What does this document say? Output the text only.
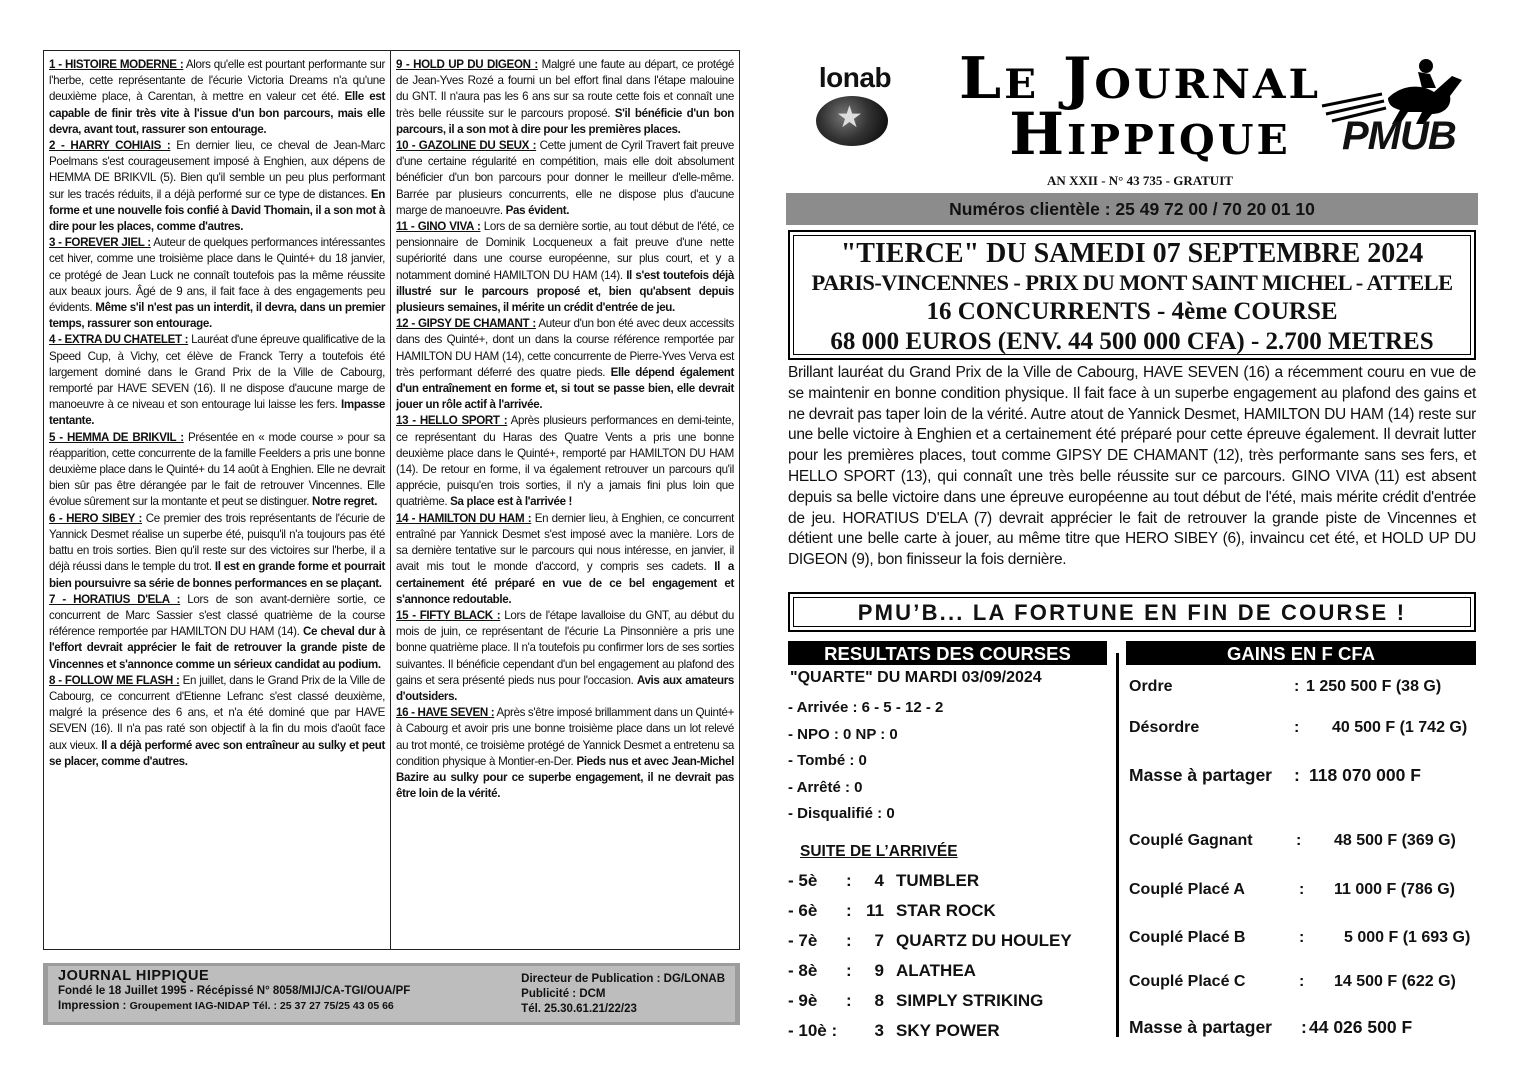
1 - HISTOIRE MODERNE : Alors qu'elle est pourtant performante sur l'herbe, cette représentante de l'écurie Victoria Dreams n'a qu'une deuxième place, à Carentan, à mettre en valeur cet été. Elle est capable de finir très vite à l'issue d'un bon parcours, mais elle devra, avant tout, rassurer son entourage.

2 - HARRY COHIAIS : En dernier lieu, ce cheval de Jean-Marc Poelmans s'est courageusement imposé à Enghien, aux dépens de HEMMA DE BRIKVIL (5). Bien qu'il semble un peu plus performant sur les tracés réduits, il a déjà performé sur ce type de distances. En forme et une nouvelle fois confié à David Thomain, il a son mot à dire pour les places, comme d'autres.

3 - FOREVER JIEL : Auteur de quelques performances intéressantes cet hiver, comme une troisième place dans le Quinté+ du 18 janvier, ce protégé de Jean Luck ne connaît toutefois pas la même réussite aux beaux jours. Âgé de 9 ans, il fait face à des engagements peu évidents. Même s'il n'est pas un interdit, il devra, dans un premier temps, rassurer son entourage.

4 - EXTRA DU CHATELET : Lauréat d'une épreuve qualificative de la Speed Cup, à Vichy, cet élève de Franck Terry a toutefois été largement dominé dans le Grand Prix de la Ville de Cabourg, remporté par HAVE SEVEN (16). Il ne dispose d'aucune marge de manoeuvre à ce niveau et son entourage lui laisse les fers. Impasse tentante.

5 - HEMMA DE BRIKVIL : Présentée en « mode course » pour sa réapparition, cette concurrente de la famille Feelders a pris une bonne deuxième place dans le Quinté+ du 14 août à Enghien. Elle ne devrait bien sûr pas être dérangée par le fait de retrouver Vincennes. Elle évolue sûrement sur la montante et peut se distinguer. Notre regret.

6 - HERO SIBEY : Ce premier des trois représentants de l'écurie de Yannick Desmet réalise un superbe été, puisqu'il n'a toujours pas été battu en trois sorties. Bien qu'il reste sur des victoires sur l'herbe, il a déjà réussi dans le temple du trot. Il est en grande forme et pourrait bien poursuivre sa série de bonnes performances en se plaçant.

7 - HORATIUS D'ELA : Lors de son avant-dernière sortie, ce concurrent de Marc Sassier s'est classé quatrième de la course référence remportée par HAMILTON DU HAM (14). Ce cheval dur à l'effort devrait apprécier le fait de retrouver la grande piste de Vincennes et s'annonce comme un sérieux candidat au podium.

8 - FOLLOW ME FLASH : En juillet, dans le Grand Prix de la Ville de Cabourg, ce concurrent d'Etienne Lefranc s'est classé deuxième, malgré la présence des 6 ans, et n'a été dominé que par HAVE SEVEN (16). Il n'a pas raté son objectif à la fin du mois d'août face aux vieux. Il a déjà performé avec son entraîneur au sulky et peut se placer, comme d'autres.

9 - HOLD UP DU DIGEON : Malgré une faute au départ, ce protégé de Jean-Yves Rozé a fourni un bel effort final dans l'étape malouine du GNT. Il n'aura pas les 6 ans sur sa route cette fois et connaît une très belle réussite sur le parcours proposé. S'il bénéficie d'un bon parcours, il a son mot à dire pour les premières places.

10 - GAZOLINE DU SEUX : Cette jument de Cyril Travert fait preuve d'une certaine régularité en compétition, mais elle doit absolument bénéficier d'un bon parcours pour donner le meilleur d'elle-même. Barrée par plusieurs concurrents, elle ne dispose plus d'aucune marge de manoeuvre. Pas évident.

11 - GINO VIVA : Lors de sa dernière sortie, au tout début de l'été, ce pensionnaire de Dominik Locqueneux a fait preuve d'une nette supériorité dans une course européenne, sur plus court, et y a notamment dominé HAMILTON DU HAM (14). Il s'est toutefois déjà illustré sur le parcours proposé et, bien qu'absent depuis plusieurs semaines, il mérite un crédit d'entrée de jeu.

12 - GIPSY DE CHAMANT : Auteur d'un bon été avec deux accessits dans des Quinté+, dont un dans la course référence remportée par HAMILTON DU HAM (14), cette concurrente de Pierre-Yves Verva est très performant déferré des quatre pieds. Elle dépend également d'un entraînement en forme et, si tout se passe bien, elle devrait jouer un rôle actif à l'arrivée.

13 - HELLO SPORT : Après plusieurs performances en demi-teinte, ce représentant du Haras des Quatre Vents a pris une bonne deuxième place dans le Quinté+, remporté par HAMILTON DU HAM (14). De retour en forme, il va également retrouver un parcours qu'il apprécie, puisqu'en trois sorties, il n'y a jamais fini plus loin que quatrième. Sa place est à l'arrivée !

14 - HAMILTON DU HAM : En dernier lieu, à Enghien, ce concurrent entraîné par Yannick Desmet s'est imposé avec la manière. Lors de sa dernière tentative sur le parcours qui nous intéresse, en janvier, il avait mis tout le monde d'accord, y compris ses cadets. Il a certainement été préparé en vue de ce bel engagement et s'annonce redoutable.

15 - FIFTY BLACK : Lors de l'étape lavalloise du GNT, au début du mois de juin, ce représentant de l'écurie La Pinsonnière a pris une bonne quatrième place. Il n'a toutefois pu confirmer lors de ses sorties suivantes. Il bénéficie cependant d'un bel engagement au plafond des gains et sera présenté pieds nus pour l'occasion. Avis aux amateurs d'outsiders.

16 - HAVE SEVEN : Après s'être imposé brillamment dans un Quinté+ à Cabourg et avoir pris une bonne troisième place dans un lot relevé au trot monté, ce troisième protégé de Yannick Desmet a entretenu sa condition physique à Montier-en-Der. Pieds nus et avec Jean-Michel Bazire au sulky pour ce superbe engagement, il ne devrait pas être loin de la vérité.

JOURNAL HIPPIQUE
Fondé le 18 Juillet 1995 - Récépissé N° 8058/MIJ/CA-TGI/OUA/PF
Impression : Groupement IAG-NIDAP Tél. : 25 37 27 75/25 43 05 66
Directeur de Publication : DG/LONAB
Publicité : DCM
Tél. 25.30.61.21/22/23
lonab
★
Le Journal
Hippique
AN XXII - N° 43 735 - GRATUIT
PMUB
Numéros clientèle : 25 49 72 00 / 70 20 01 10
"TIERCE" DU SAMEDI 07 SEPTEMBRE 2024
PARIS-VINCENNES - PRIX DU MONT SAINT MICHEL - ATTELE
16 CONCURRENTS - 4ème COURSE
68 000 EUROS (ENV. 44 500 000 CFA) - 2.700 METRES
Brillant lauréat du Grand Prix de la Ville de Cabourg, HAVE SEVEN (16) a récemment couru en vue de se maintenir en bonne condition physique. Il fait face à un superbe engagement au plafond des gains et ne devrait pas taper loin de la vérité. Autre atout de Yannick Desmet, HAMILTON DU HAM (14) reste sur une belle victoire à Enghien et a certainement été préparé pour cette épreuve également. Il devrait lutter pour les premières places, tout comme GIPSY DE CHAMANT (12), très performante sans ses fers, et HELLO SPORT (13), qui connaît une très belle réussite sur ce parcours. GINO VIVA (11) est absent depuis sa belle victoire dans une épreuve européenne au tout début de l'été, mais mérite crédit d'entrée de jeu. HORATIUS D'ELA (7) devrait apprécier le fait de retrouver la grande piste de Vincennes et détient une belle carte à jouer, au même titre que HERO SIBEY (6), invaincu cet été, et HOLD UP DU DIGEON (9), bon finisseur la fois dernière.
PMU’B... LA FORTUNE EN FIN DE COURSE !
RESULTATS DES COURSES	GAINS EN F CFA
"QUARTE" DU MARDI 03/09/2024
- Arrivée : 6 - 5 - 12 - 2
- NPO : 0 NP : 0
- Tombé : 0
- Arrêté : 0
- Disqualifié : 0
SUITE DE L’ARRIVÉE
- 5è	:	4 TUMBLER
- 6è	: 11 STAR ROCK
- 7è	:	7 QUARTZ DU HOULEY
- 8è	:	9 ALATHEA
- 9è	:	8 SIMPLY STRIKING
- 10è :	3 SKY POWER
Ordre	: 1 250 500 F (38 G)
Désordre	: 40 500 F (1 742 G)
Masse à partager : 118 070 000 F
Couplé Gagnant	: 48 500 F (369 G)
Couplé Placé A	: 11 000 F (786 G)
Couplé Placé B	: 5 000 F (1 693 G)
Couplé Placé C	: 14 500 F (622 G)
Masse à partager : 44 026 500 F
